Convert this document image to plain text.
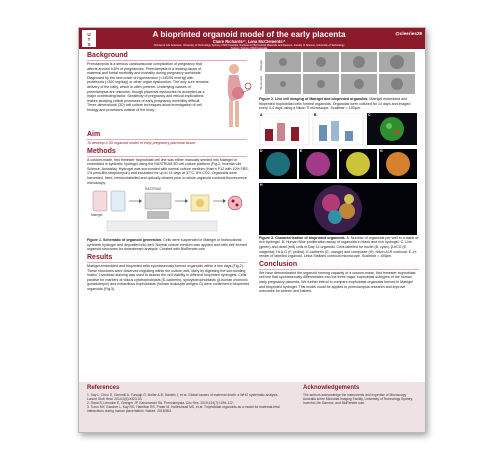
U
T
S
A bioprinted organoid model of the early placenta	@cleeries28
Claire Richards¹², Lana McClements¹²
¹School of Life Sciences, University of Technology Sydney, NSW Australia ²Institute for Biomedical Materials and Devices, Faculty of Science, University of Technology Sydney, Sydney, NSW Australia
Background

Preeclampsia is a serious cardiovascular complication of pregnancy that affects around 5-8% of pregnancies. Preeclampsia is a leading cause of maternal and foetal morbidity and mortality during pregnancy worldwide. Diagnosed by the new onset of hypertension (>140/90 mmHg) with proteinuria (>300 mg/day) or other organ dysfunction. The only cure remains delivery of the baby, which is often preterm. Underlying causes of preeclampsia are unknown, though placental dysfunction is accepted as a major contributing factor. Sensitivity of pregnancy and ethical implications makes studying critical processes of early pregnancy incredibly difficult. Three-dimensional (3D) cell culture techniques allow investigation of cell biology and processes outside of the body.

Aim

To develop a 3D organoid model of early pregnancy placental tissue.

Methods

A custom-made, first trimester trophoblast cell line was either manually seeded into Matrigel or embedded in synthetic hydrogel using the RASTRUM 3D cell culture platform (Fig.1, Inventia Life Science, Australia). Hydrogel was surrounded with normal culture medium (Ham's F12 with 10% FBS, 1% penicillin-streptomycin) and incubated for up to 14 days at 37°C, 5% CO2. Organoids were harvested, fixed, immunolabelled and optically cleared prior to whole-organoid confocal fluorescence microscopy.

Matrigel
RASTRUM

Figure 1. Schematic of organoid generation. Cells were suspended in Matrigel or biofunctional synthetic hydrogel and deposited into well. Normal culture medium was applied and cells self-formed organoid structures for downstream analysis. Created with BioRender.com

Results

Matrigel-embedded and bioprinted cells spontaneously formed organoids within a few days (Fig.2). These structures were observed migrating within the culture well, likely by digesting the surrounding matrix. Live/dead staining was used to assess the cell viability in different bioprinted hydrogels. Cells positive for markers of villous cytotrophoblasts (E-cadherin), syncytiotrophoblasts (β-human chorionic gonadotropin) and extravillous trophoblasts (human leukocyte antigen-G) were confirmed in bioprinted organoids (Fig.3).

Matrigel
Bioprinted

Figure 2. Live cell imaging of Matrigel and bioprinted organoids. Matrigel embedded and bioprinted trophoblast cells formed organoids. Organoids were cultured for 14 days and imaged every 3-4 days using a Nikon Ti microscope. Scalebar = 100μm.

A	B	C
D	E	F	G
H

Figure 3. Characterisation of bioprinted organoids. A. Number of organoids per well in a blank or rich hydrogel. B. Human Blue proliferation assay of organoids in blank and rich hydrogel. C. Live (green) and dead (red) cells in Day 14 organoid. Cells labelled for nuclei (B, cyan), β-hCG (E, magenta), HLA-G (F, yellow), E-cadherin (G, orange) and composite (H). Nikon A1R confocal. E–H: render of labelled organoid, Leica Stellaris confocal microscope. Scalebar = 100μm.

Conclusion

We have demonstrated the organoid forming capacity of a custom-made, first trimester trophoblast cell line that spontaneously differentiates into the three major trophoblast subtypes of the human early pregnancy placenta. We further intend to compare trophoblast organoids formed in Matrigel and bioprinted hydrogel. This model could be applied to preeclampsia research and improve outcomes for women and babies.

References
1. Say L, Chou D, Gemmill A, Tunçalp Ö, Moller A-B, Daniels J, et al. Global causes of maternal death: a WHO systematic analysis. Lancet Glob Heal. 2014;2(6):e323-33.
2. Rana S, Lemoine E, Granger JP, Karumanchi SA. Preeclampsia. Circ Res. 2019;124(7):1094-112.
3. Turco MY, Gardner L, Kay RG, Hamilton RS, Prater M, Hollinshead MS, et al. Trophoblast organoids as a model for maternal-fetal interactions during human placentation. Nature. 2018;564.
Acknowledgements
The authors acknowledge the instruments and expertise of Microscopy Australia at the Microbial Imaging Facility, University of Technology Sydney, Inventia Life Science, and BioRender.com.
